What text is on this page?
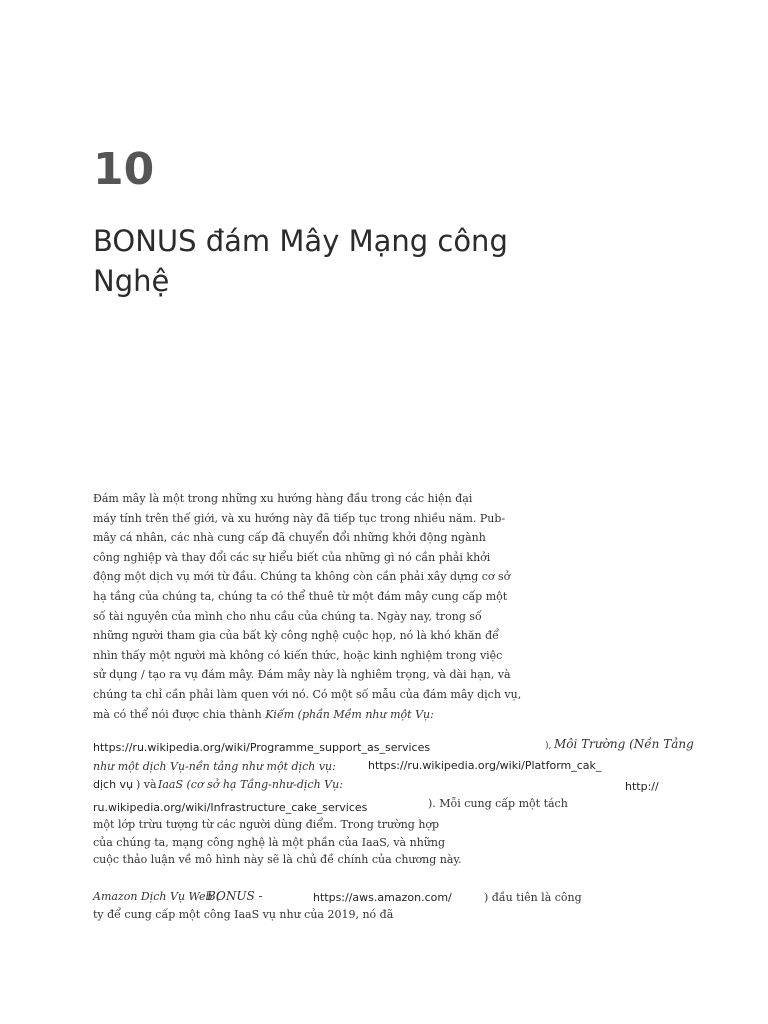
10
BONUS đám Mây Mạng công Nghệ
Đám mây là một trong những xu hướng hàng đầu trong các hiện đại
máy tính trên thế giới, và xu hướng này đã tiếp tục trong nhiều năm. Pub-
mây cá nhân, các nhà cung cấp đã chuyển đổi những khởi động ngành
công nghiệp và thay đổi các sự hiểu biết của những gì nó cần phải khởi
động một dịch vụ mới từ đầu. Chúng ta không còn cần phải xây dựng cơ sở
hạ tầng của chúng ta, chúng ta có thể thuê từ một đám mây cung cấp một
số tài nguyên của mình cho nhu cầu của chúng ta. Ngày nay, trong số
những người tham gia của bất kỳ công nghệ cuộc họp, nó là khó khăn để
nhìn thấy một người mà không có kiến thức, hoặc kinh nghiệm trong việc
sử dụng / tạo ra vụ đám mây. Đám mây này là nghiêm trọng, và dài hạn, và
chúng ta chỉ cần phải làm quen với nó. Có một số mẫu của đám mây dịch vụ,
mà có thể nói được chia thành Kiếm (phần Mềm như một Vụ:
https://ru.wikipedia.org/wiki/Programme_support_as_services	), Môi Trường (Nền Tảng
như một dịch Vụ-nền tảng như một dịch vụ:	https://ru.wikipedia.org/wiki/Platform_cak_
dịch vụ ) và IaaS (cơ sở hạ Tầng-như-dịch Vụ:	http://
ru.wikipedia.org/wiki/Infrastructure_cake_services	). Mỗi cung cấp một tách
một lớp trừu tượng từ các người dùng điểm. Trong trường hợp
của chúng ta, mạng công nghệ là một phần của IaaS, và những
cuộc thảo luận về mô hình này sẽ là chủ đề chính của chương này.
Amazon Dịch Vụ Web (
BONUS -	https://aws.amazon.com/	) đầu tiên là công
ty để cung cấp một công IaaS vụ như của 2019, nó đã
